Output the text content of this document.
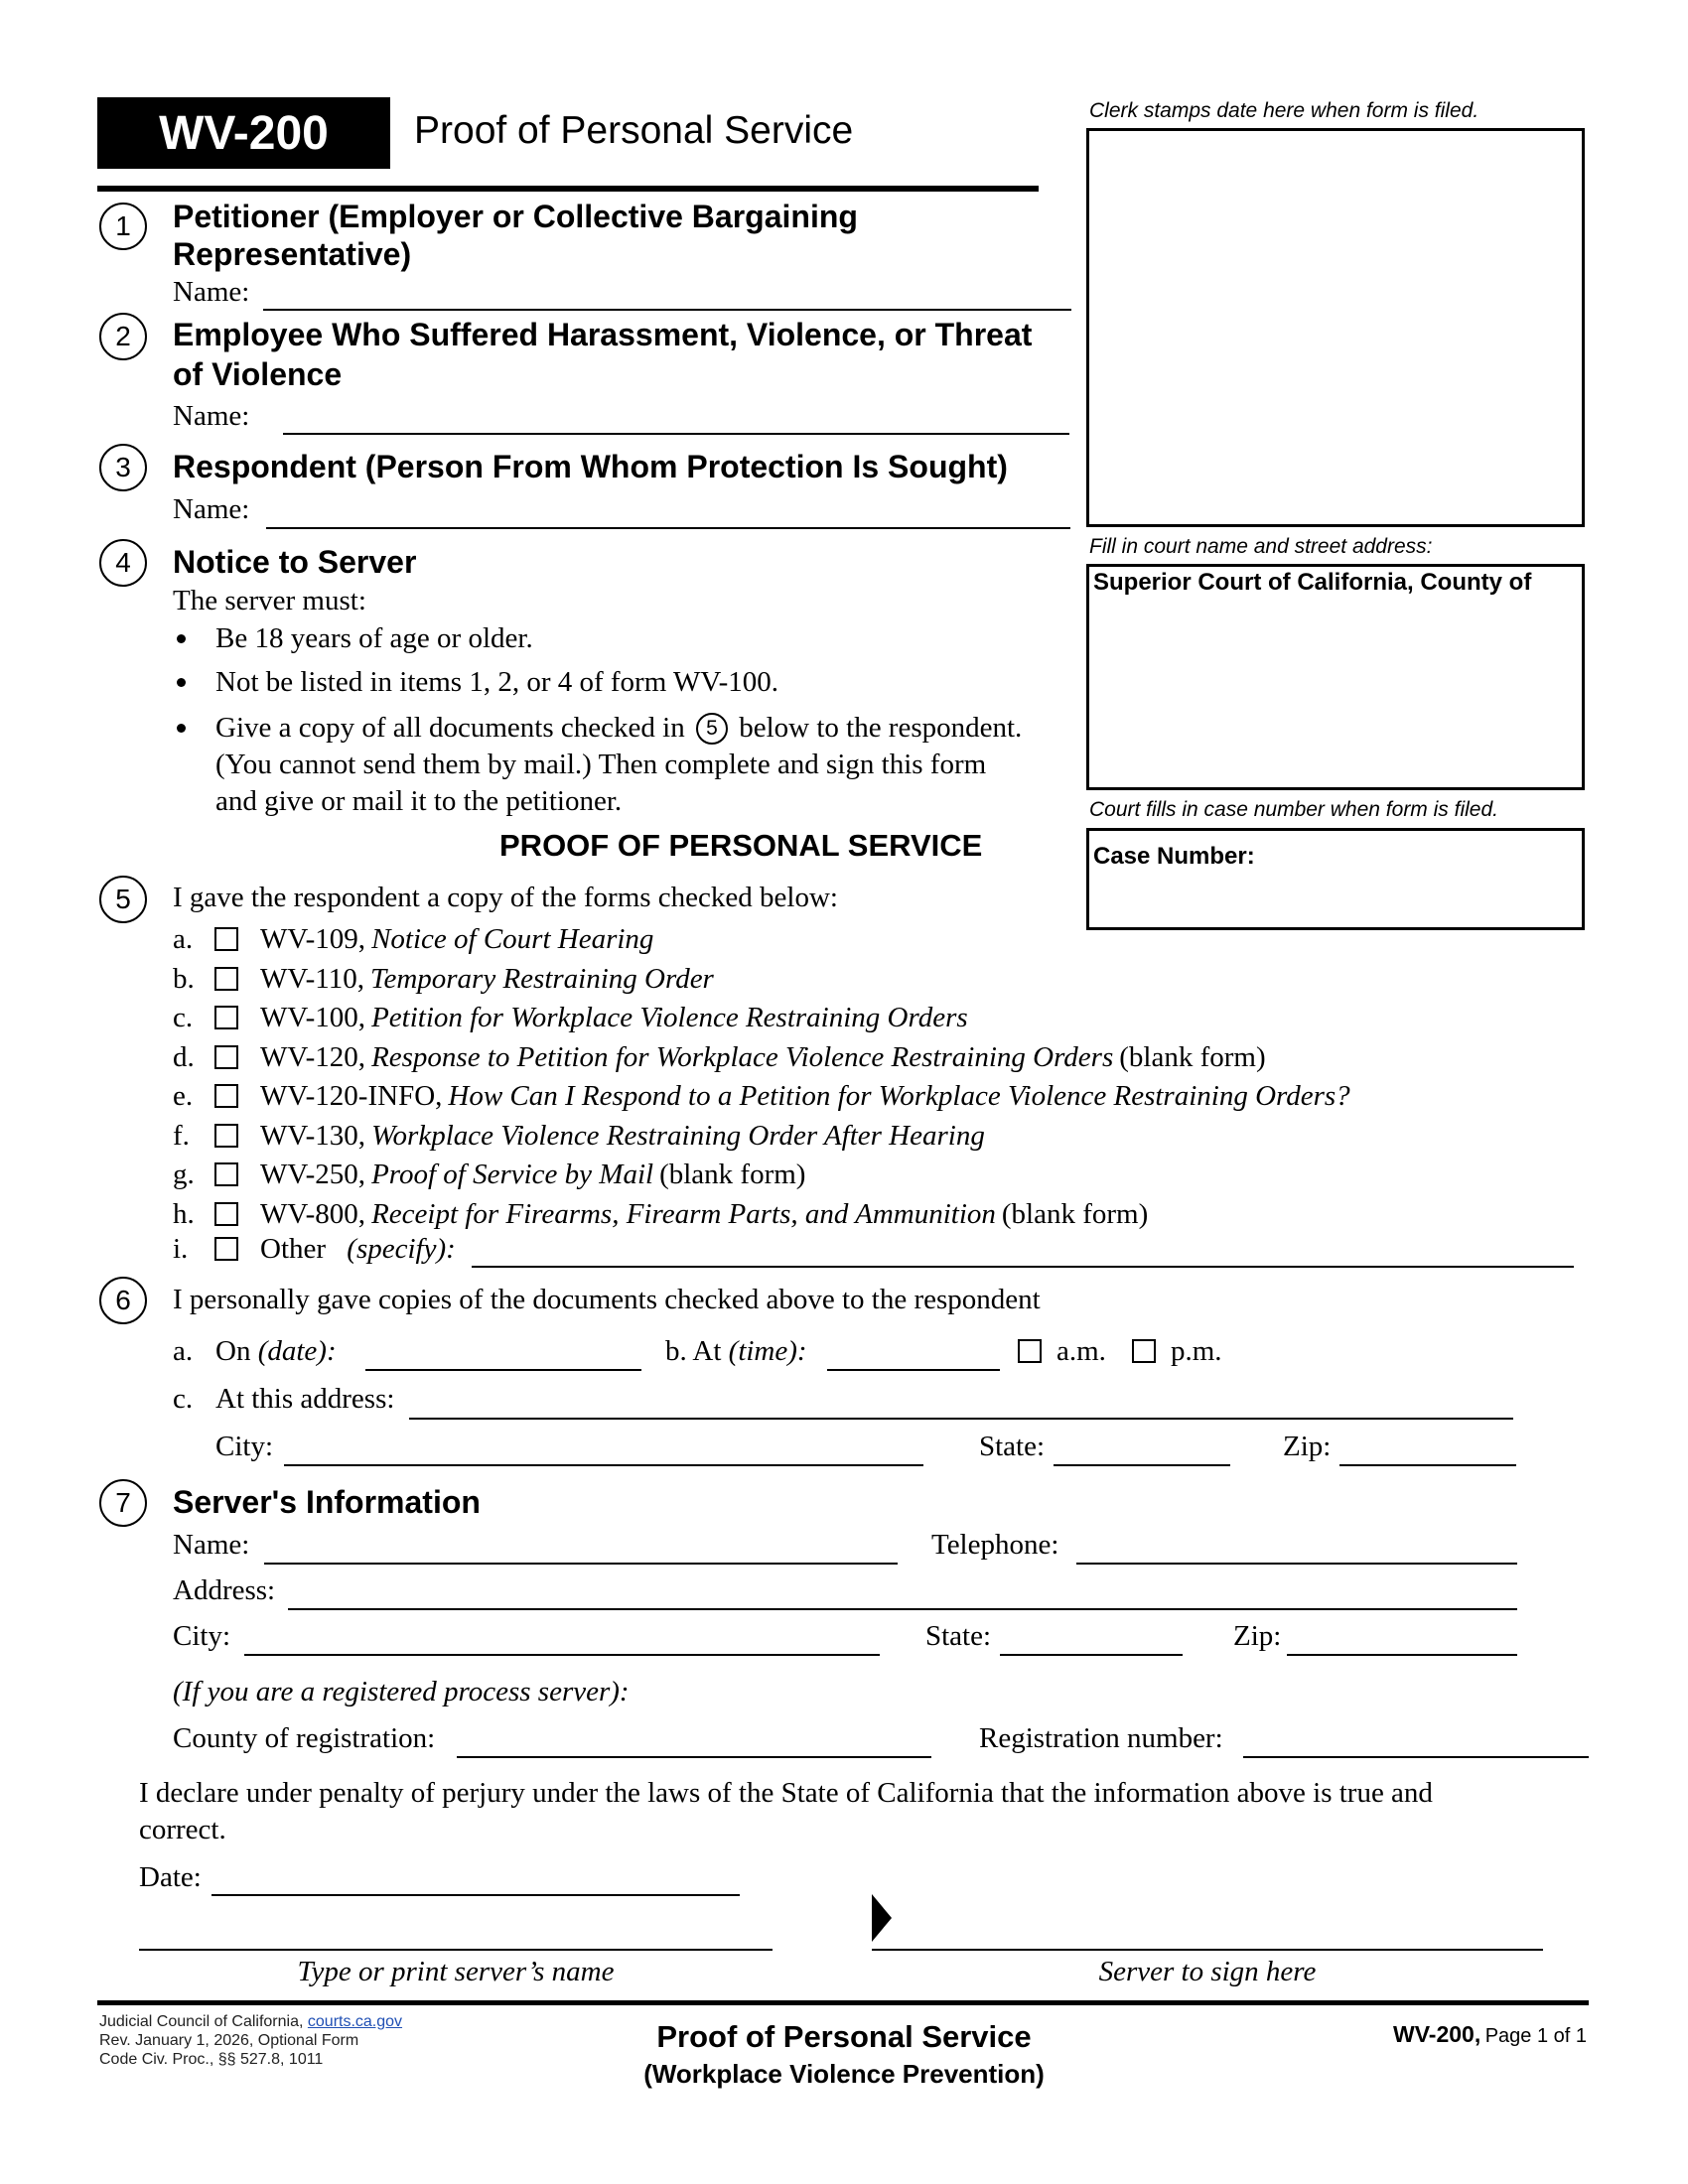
WV-200 Proof of Personal Service	Clerk stamps date here when form is filed.
Fill in court name and street address:
Superior Court of California, County of
Court fills in case number when form is filed.
Case Number:
1	Petitioner (Employer or Collective Bargaining
Representative)
Name:
2	Employee Who Suffered Harassment, Violence, or Threat
of Violence
Name:
3	Respondent (Person From Whom Protection Is Sought)
Name:
4	Notice to Server
The server must:
Be 18 years of age or older.
Not be listed in items 1, 2, or 4 of form WV-100.
Give a copy of all documents checked in 5 below to the respondent.
(You cannot send them by mail.) Then complete and sign this form
and give or mail it to the petitioner.
PROOF OF PERSONAL SERVICE
5	I gave the respondent a copy of the forms checked below:
a. WV-109, Notice of Court Hearing
b. WV-110, Temporary Restraining Order
c. WV-100, Petition for Workplace Violence Restraining Orders
d. WV-120, Response to Petition for Workplace Violence Restraining Orders (blank form)
e. WV-120-INFO, How Can I Respond to a Petition for Workplace Violence Restraining Orders?
f. WV-130, Workplace Violence Restraining Order After Hearing
g. WV-250, Proof of Service by Mail (blank form)
h. WV-800, Receipt for Firearms, Firearm Parts, and Ammunition (blank form)
i.	Other (specify):
6	I personally gave copies of the documents checked above to the respondent
a. On (date):	b. At (time):	a.m. p.m.
c. At this address:
City:	State:	Zip:
7	Server's Information
Name:	Telephone:
Address:
City:	State:	Zip:
(If you are a registered process server):
County of registration:	Registration number:
I declare under penalty of perjury under the laws of the State of California that the information above is true and
correct.
Date:
Type or print server’s name	Server to sign here
Judicial Council of California, courts.ca.gov
Rev. January 1, 2026, Optional Form
Code Civ. Proc., §§ 527.8, 1011
Proof of Personal Service
(Workplace Violence Prevention)
WV-200, Page 1 of 1
